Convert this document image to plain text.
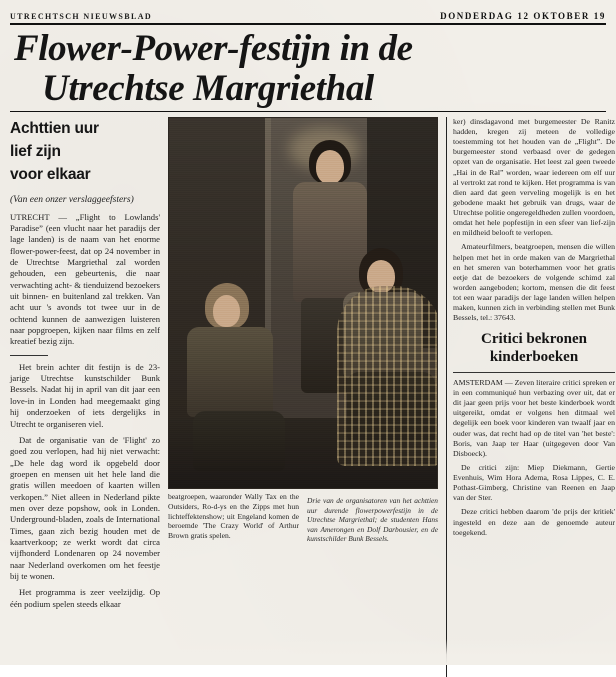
UTRECHTSCH NIEUWSBLAD	DONDERDAG 12 OKTOBER 19
Flower-Power-festijn in de
Utrechtse Margriethal
Achttien uur
lief zijn
voor elkaar
(Van een onzer verslaggeefsters)

UTRECHT — „Flight to Lowlands' Paradise” (een vlucht naar het paradijs der lage landen) is de naam van het enorme flower-power-feest, dat op 24 november in de Utrechtse Margriethal zal worden gehouden, een gebeurtenis, die naar verwachting acht- & tienduizend bezoekers uit binnen- en buitenland zal trekken. Van acht uur 's avonds tot twee uur in de ochtend kunnen de aanwezigen luisteren naar popgroepen, kijken naar films en zelf kreatief bezig zijn.

Het brein achter dit festijn is de 23-jarige Utrechtse kunstschilder Bunk Bessels. Nadat hij in april van dit jaar een love-in in Londen had meegemaakt ging hij onderzoeken of iets dergelijks in Utrecht te organiseren viel.

Dat de organisatie van de 'Flight' zo goed zou verlopen, had hij niet verwacht: „De hele dag word ik opgebeld door groepen en mensen uit het hele land die gratis willen meedoen of kaarten willen verkopen.” Niet alleen in Nederland pikte men over deze popshow, ook in Londen. Underground-bladen, zoals de International Times, gaan zich bezig houden met de kaartverkoop; ze werkt wordt dat circa vijfhonderd Londenaren op 24 november naar Nederland overkomen om het feestje bij te wonen.

Het programma is zeer veelzijdig. Op één podium spelen steeds elkaar

beatgroepen, waaronder Wally Tax en the Outsiders, Ro-d-ys en the Zipps met hun lichteffektenshow; uit Engeland komen de beroemde 'The Crazy World' of Arthur Brown gratis spelen.
Drie van de organisatoren van het achttien uur durende flowerpowerfestijn in de Utrechtse Margriethal; de studenten Hans van Amerongen en Dolf Darbousier, en de kunstschilder Bunk Bessels.

ker) dinsdagavond met burgemeester De Ranitz hadden, kregen zij meteen de volledige toestemming tot het houden van de „Flight”. De burgemeester stond verbaasd over de gedegen opzet van de organisatie. Het leest zal geen tweede „Hai in de Ral” worden, waar iedereen om elf uur al vertrokt zat rond te kijken. Het programma is van dien aard dat geen verveling mogelijk is en het gebodene maakt het gebruik van drugs, waar de Utrechtse politie ongeregeldheden zullen voordoen, omdat het hele popfestijn in een sfeer van lief-zijn en mildheid belooft te verlopen.

Amateurfilmers, beatgroepen, mensen die willen helpen met het in orde maken van de Margriethal en het smeren van boterhammen voor het gratis eetje dat de bezoekers de volgende schimd zal worden aangeboden; kortom, mensen die dit feest tot een waar paradijs der lage landen willen helpen maken, kunnen zich in verbinding stellen met Bunk Bessels, tel.: 37643.

Critici bekronen kinderboeken

AMSTERDAM — Zeven literaire critici spreken er in een communiqué hun verbazing over uit, dat er dit jaar geen prijs voor het beste kinderboek wordt uitgereikt, omdat er volgens hen ditmaal wel degelijk een boek voor kinderen van twaalf jaar en ouder was, dat recht had op de titel van 'het beste': Boris, van Jaap ter Haar (uitgegeven door Van Disboeck).

De critici zijn: Miep Diekmann, Gertie Evenhuis, Wim Hora Adema, Rosa Lippes, C. E. Pothast-Gimberg, Christine van Reenen en Jaap van der Ster.

Deze critici hebben daarom 'de prijs der kritiek' ingesteld en deze aan de genoemde auteur toegekend.
